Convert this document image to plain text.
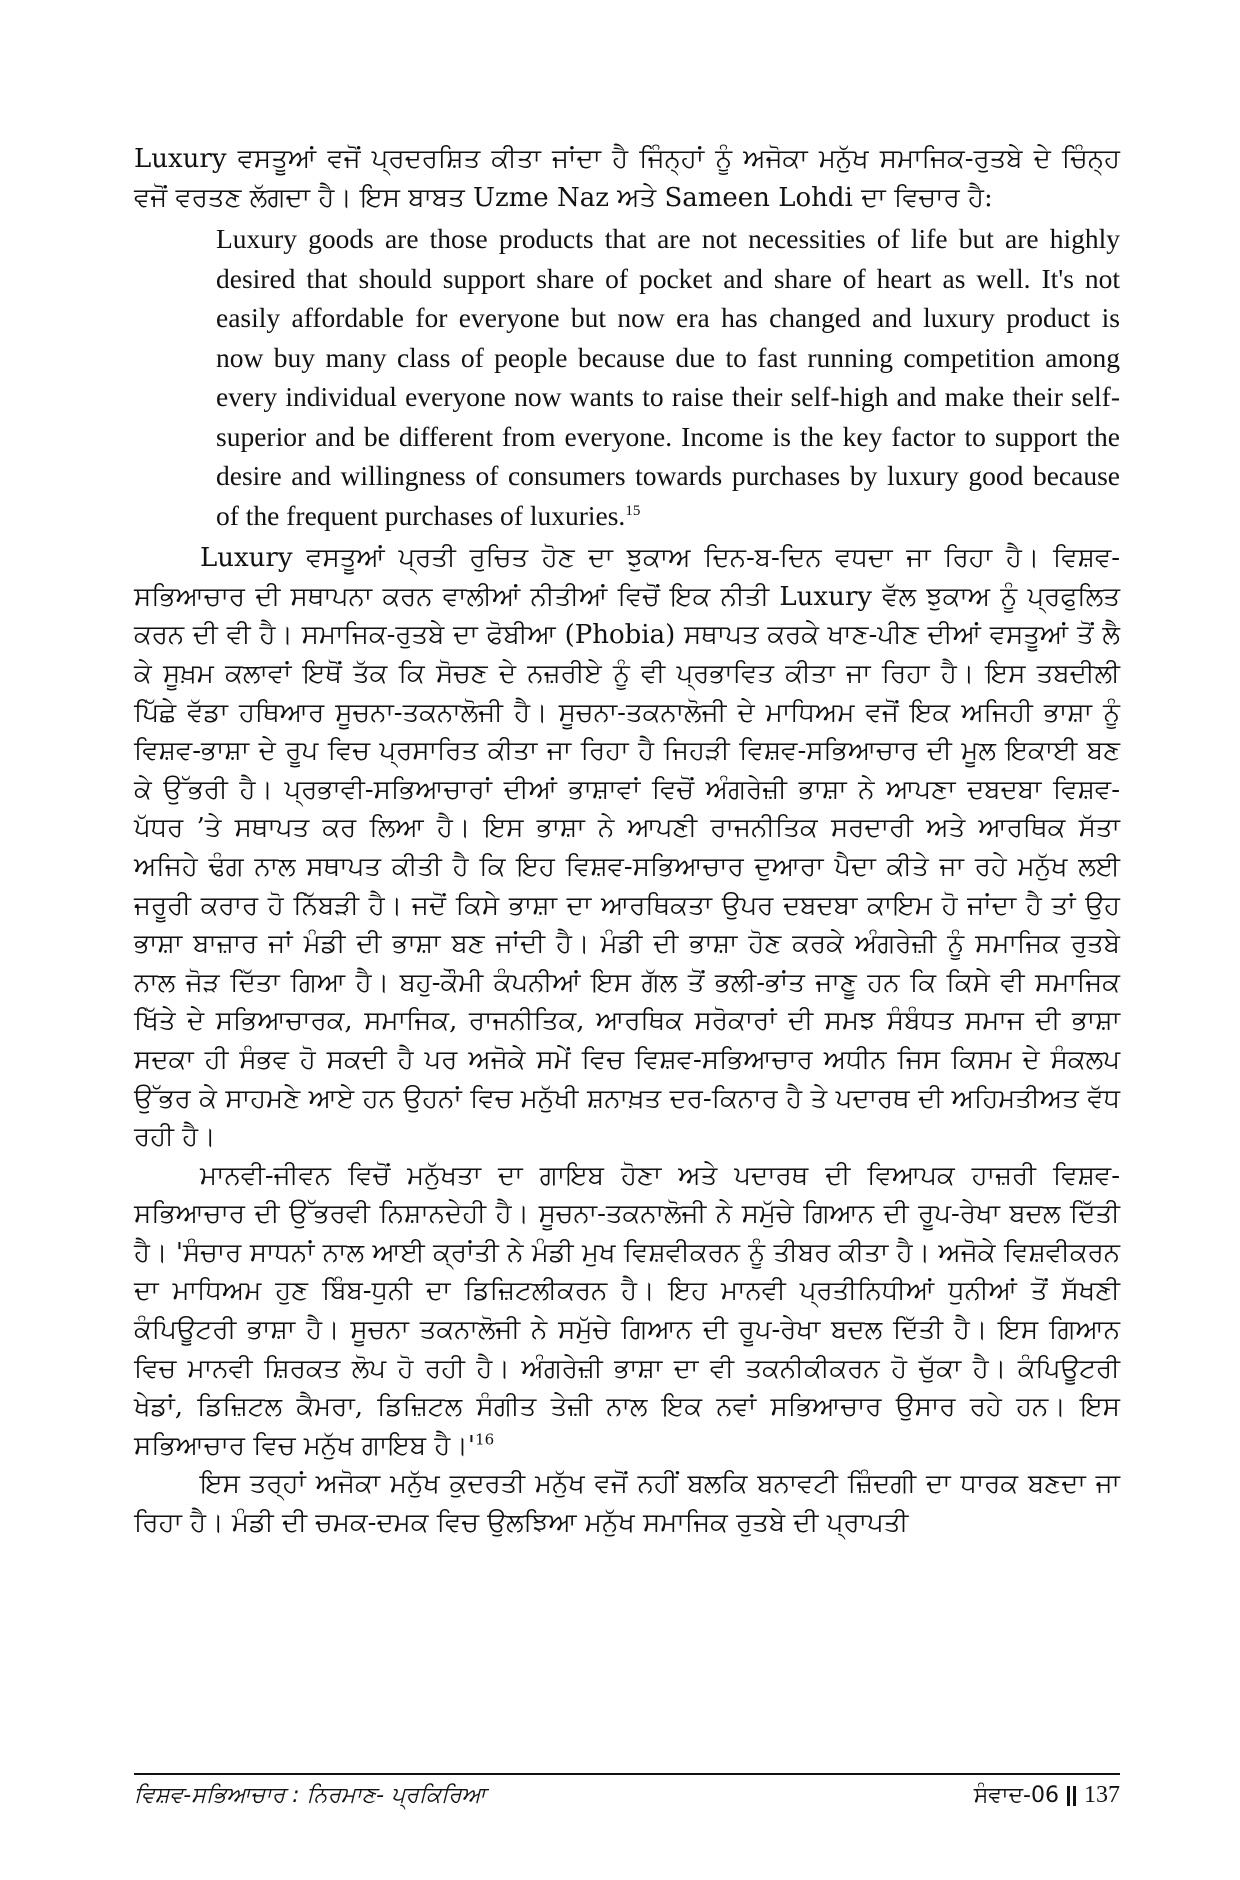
Luxury ਵਸਤੂਆਂ ਵਜੋਂ ਪ੍ਰਦਰਸ਼ਿਤ ਕੀਤਾ ਜਾਂਦਾ ਹੈ ਜਿੰਨ੍ਹਾਂ ਨੂੰ ਅਜੋਕਾ ਮਨੁੱਖ ਸਮਾਜਿਕ-ਰੁਤਬੇ ਦੇ ਚਿੰਨ੍ਹ ਵਜੋਂ ਵਰਤਣ ਲੱਗਦਾ ਹੈ। ਇਸ ਬਾਬਤ Uzme Naz ਅਤੇ Sameen Lohdi ਦਾ ਵਿਚਾਰ ਹੈ:

Luxury goods are those products that are not necessities of life but are highly desired that should support share of pocket and share of heart as well. It's not easily affordable for everyone but now era has changed and luxury product is now buy many class of people because due to fast running competition among every individual everyone now wants to raise their self-high and make their self-superior and be different from everyone. Income is the key factor to support the desire and willingness of consumers towards purchases by luxury good because of the frequent purchases of luxuries.$^{15}$

Luxury ਵਸਤੂਆਂ ਪ੍ਰਤੀ ਰੁਚਿਤ ਹੋਣ ਦਾ ਝੁਕਾਅ ਦਿਨ-ਬ-ਦਿਨ ਵਧਦਾ ਜਾ ਰਿਹਾ ਹੈ। ਵਿਸ਼ਵ-ਸਭਿਆਚਾਰ ਦੀ ਸਥਾਪਨਾ ਕਰਨ ਵਾਲੀਆਂ ਨੀਤੀਆਂ ਵਿਚੋਂ ਇਕ ਨੀਤੀ Luxury ਵੱਲ ਝੁਕਾਅ ਨੂੰ ਪ੍ਰਫੁਲਿਤ ਕਰਨ ਦੀ ਵੀ ਹੈ। ਸਮਾਜਿਕ-ਰੁਤਬੇ ਦਾ ਫੋਬੀਆ (Phobia) ਸਥਾਪਤ ਕਰਕੇ ਖਾਣ-ਪੀਣ ਦੀਆਂ ਵਸਤੂਆਂ ਤੋਂ ਲੈ ਕੇ ਸੂਖ਼ਮ ਕਲਾਵਾਂ ਇਥੋਂ ਤੱਕ ਕਿ ਸੋਚਣ ਦੇ ਨਜ਼ਰੀਏ ਨੂੰ ਵੀ ਪ੍ਰਭਾਵਿਤ ਕੀਤਾ ਜਾ ਰਿਹਾ ਹੈ। ਇਸ ਤਬਦੀਲੀ ਪਿੱਛੇ ਵੱਡਾ ਹਥਿਆਰ ਸੂਚਨਾ-ਤਕਨਾਲੋਜੀ ਹੈ। ਸੂਚਨਾ-ਤਕਨਾਲੋਜੀ ਦੇ ਮਾਧਿਅਮ ਵਜੋਂ ਇਕ ਅਜਿਹੀ ਭਾਸ਼ਾ ਨੂੰ ਵਿਸ਼ਵ-ਭਾਸ਼ਾ ਦੇ ਰੂਪ ਵਿਚ ਪ੍ਰਸਾਰਿਤ ਕੀਤਾ ਜਾ ਰਿਹਾ ਹੈ ਜਿਹੜੀ ਵਿਸ਼ਵ-ਸਭਿਆਚਾਰ ਦੀ ਮੂਲ ਇਕਾਈ ਬਣ ਕੇ ਉੱਭਰੀ ਹੈ। ਪ੍ਰਭਾਵੀ-ਸਭਿਆਚਾਰਾਂ ਦੀਆਂ ਭਾਸ਼ਾਵਾਂ ਵਿਚੋਂ ਅੰਗਰੇਜ਼ੀ ਭਾਸ਼ਾ ਨੇ ਆਪਣਾ ਦਬਦਬਾ ਵਿਸ਼ਵ-ਪੱਧਰ ’ਤੇ ਸਥਾਪਤ ਕਰ ਲਿਆ ਹੈ। ਇਸ ਭਾਸ਼ਾ ਨੇ ਆਪਣੀ ਰਾਜਨੀਤਿਕ ਸਰਦਾਰੀ ਅਤੇ ਆਰਥਿਕ ਸੱਤਾ ਅਜਿਹੇ ਢੰਗ ਨਾਲ ਸਥਾਪਤ ਕੀਤੀ ਹੈ ਕਿ ਇਹ ਵਿਸ਼ਵ-ਸਭਿਆਚਾਰ ਦੁਆਰਾ ਪੈਦਾ ਕੀਤੇ ਜਾ ਰਹੇ ਮਨੁੱਖ ਲਈ ਜਰੂਰੀ ਕਰਾਰ ਹੋ ਨਿੱਬੜੀ ਹੈ। ਜਦੋਂ ਕਿਸੇ ਭਾਸ਼ਾ ਦਾ ਆਰਥਿਕਤਾ ਉਪਰ ਦਬਦਬਾ ਕਾਇਮ ਹੋ ਜਾਂਦਾ ਹੈ ਤਾਂ ਉਹ ਭਾਸ਼ਾ ਬਾਜ਼ਾਰ ਜਾਂ ਮੰਡੀ ਦੀ ਭਾਸ਼ਾ ਬਣ ਜਾਂਦੀ ਹੈ। ਮੰਡੀ ਦੀ ਭਾਸ਼ਾ ਹੋਣ ਕਰਕੇ ਅੰਗਰੇਜ਼ੀ ਨੂੰ ਸਮਾਜਿਕ ਰੁਤਬੇ ਨਾਲ ਜੋੜ ਦਿੱਤਾ ਗਿਆ ਹੈ। ਬਹੁ-ਕੌਮੀ ਕੰਪਨੀਆਂ ਇਸ ਗੱਲ ਤੋਂ ਭਲੀ-ਭਾਂਤ ਜਾਣੂ ਹਨ ਕਿ ਕਿਸੇ ਵੀ ਸਮਾਜਿਕ ਖਿੱਤੇ ਦੇ ਸਭਿਆਚਾਰਕ, ਸਮਾਜਿਕ, ਰਾਜਨੀਤਿਕ, ਆਰਥਿਕ ਸਰੋਕਾਰਾਂ ਦੀ ਸਮਝ ਸੰਬੰਧਤ ਸਮਾਜ ਦੀ ਭਾਸ਼ਾ ਸਦਕਾ ਹੀ ਸੰਭਵ ਹੋ ਸਕਦੀ ਹੈ ਪਰ ਅਜੋਕੇ ਸਮੇਂ ਵਿਚ ਵਿਸ਼ਵ-ਸਭਿਆਚਾਰ ਅਧੀਨ ਜਿਸ ਕਿਸਮ ਦੇ ਸੰਕਲਪ ਉੱਭਰ ਕੇ ਸਾਹਮਣੇ ਆਏ ਹਨ ਉਹਨਾਂ ਵਿਚ ਮਨੁੱਖੀ ਸ਼ਨਾਖ਼ਤ ਦਰ-ਕਿਨਾਰ ਹੈ ਤੇ ਪਦਾਰਥ ਦੀ ਅਹਿਮਤੀਅਤ ਵੱਧ ਰਹੀ ਹੈ।

ਮਾਨਵੀ-ਜੀਵਨ ਵਿਚੋਂ ਮਨੁੱਖਤਾ ਦਾ ਗਾਇਬ ਹੋਣਾ ਅਤੇ ਪਦਾਰਥ ਦੀ ਵਿਆਪਕ ਹਾਜ਼ਰੀ ਵਿਸ਼ਵ-ਸਭਿਆਚਾਰ ਦੀ ਉੱਭਰਵੀ ਨਿਸ਼ਾਨਦੇਹੀ ਹੈ। ਸੂਚਨਾ-ਤਕਨਾਲੋਜੀ ਨੇ ਸਮੁੱਚੇ ਗਿਆਨ ਦੀ ਰੂਪ-ਰੇਖਾ ਬਦਲ ਦਿੱਤੀ ਹੈ। 'ਸੰਚਾਰ ਸਾਧਨਾਂ ਨਾਲ ਆਈ ਕ੍ਰਾਂਤੀ ਨੇ ਮੰਡੀ ਮੁਖ ਵਿਸ਼ਵੀਕਰਨ ਨੂੰ ਤੀਬਰ ਕੀਤਾ ਹੈ। ਅਜੋਕੇ ਵਿਸ਼ਵੀਕਰਨ ਦਾ ਮਾਧਿਅਮ ਹੁਣ ਬਿੰਬ-ਧੁਨੀ ਦਾ ਡਿਜ਼ਿਟਲੀਕਰਨ ਹੈ। ਇਹ ਮਾਨਵੀ ਪ੍ਰਤੀਨਿਧੀਆਂ ਧੁਨੀਆਂ ਤੋਂ ਸੱਖਣੀ ਕੰਪਿਊਟਰੀ ਭਾਸ਼ਾ ਹੈ। ਸੂਚਨਾ ਤਕਨਾਲੋਜੀ ਨੇ ਸਮੁੱਚੇ ਗਿਆਨ ਦੀ ਰੂਪ-ਰੇਖਾ ਬਦਲ ਦਿੱਤੀ ਹੈ। ਇਸ ਗਿਆਨ ਵਿਚ ਮਾਨਵੀ ਸ਼ਿਰਕਤ ਲੋਪ ਹੋ ਰਹੀ ਹੈ। ਅੰਗਰੇਜ਼ੀ ਭਾਸ਼ਾ ਦਾ ਵੀ ਤਕਨੀਕੀਕਰਨ ਹੋ ਚੁੱਕਾ ਹੈ। ਕੰਪਿਊਟਰੀ ਖੇਡਾਂ, ਡਿਜ਼ਿਟਲ ਕੈਮਰਾ, ਡਿਜ਼ਿਟਲ ਸੰਗੀਤ ਤੇਜ਼ੀ ਨਾਲ ਇਕ ਨਵਾਂ ਸਭਿਆਚਾਰ ਉਸਾਰ ਰਹੇ ਹਨ। ਇਸ ਸਭਿਆਚਾਰ ਵਿਚ ਮਨੁੱਖ ਗਾਇਬ $ਹੈ।'^{16}$

ਇਸ ਤਰ੍ਹਾਂ ਅਜੋਕਾ ਮਨੁੱਖ ਕੁਦਰਤੀ ਮਨੁੱਖ ਵਜੋਂ ਨਹੀਂ ਬਲਕਿ ਬਨਾਵਟੀ ਜ਼ਿੰਦਗੀ ਦਾ ਧਾਰਕ ਬਣਦਾ ਜਾ ਰਿਹਾ ਹੈ। ਮੰਡੀ ਦੀ ਚਮਕ-ਦਮਕ ਵਿਚ ਉਲਝਿਆ ਮਨੁੱਖ ਸਮਾਜਿਕ ਰੁਤਬੇ ਦੀ ਪ੍ਰਾਪਤੀ

ਵਿਸ਼ਵ-ਸਭਿਆਚਾਰ : ਨਿਰਮਾਣ- ਪ੍ਰਕਿਰਿਆ	ਸੰਵਾਦ-06 137
